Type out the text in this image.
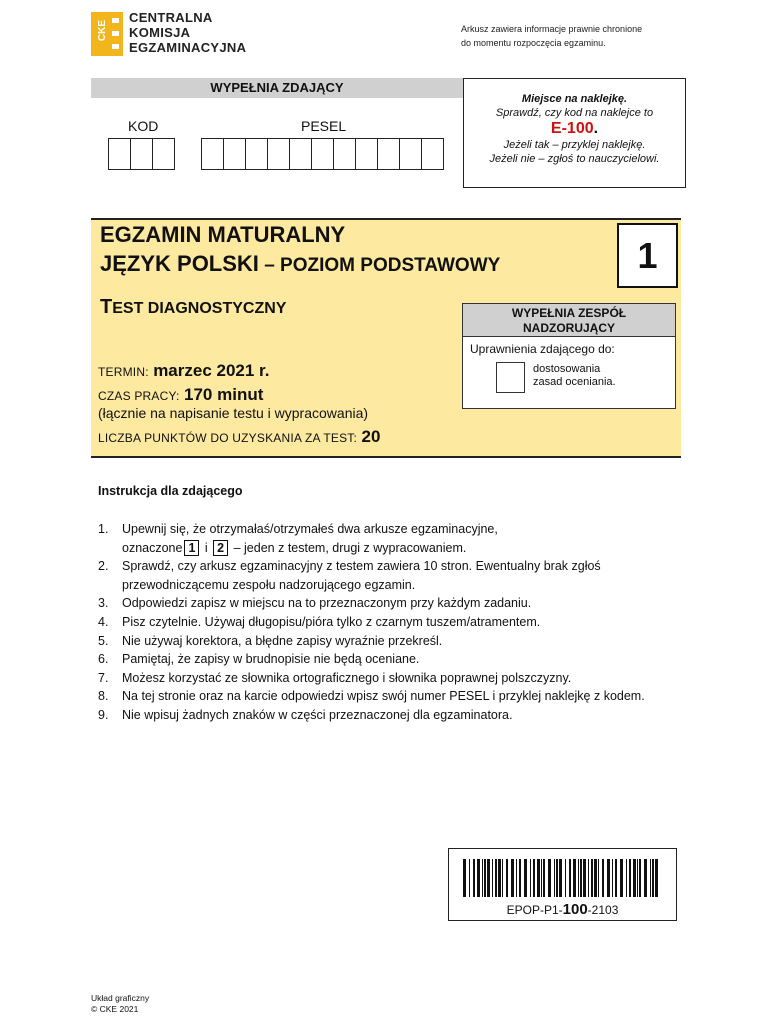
CKE
CENTRALNA
KOMISJA
EGZAMINACYJNA
Arkusz zawiera informacje prawnie chronione
do momentu rozpoczęcia egzaminu.
WYPEŁNIA ZDAJĄCY
KOD	PESEL
Miejsce na naklejkę.
Sprawdź, czy kod na naklejce to
E-100.
Jeżeli tak – przyklej naklejkę.
Jeżeli nie – zgłoś to nauczycielowi.
EGZAMIN MATURALNY
JĘZYK POLSKI – POZIOM PODSTAWOWY	1
TEST DIAGNOSTYCZNY	WYPEŁNIA ZESPÓŁ
NADZORUJĄCY
Uprawnienia zdającego do:
dostosowania
zasad oceniania.
TERMIN: marzec 2021 r.
CZAS PRACY: 170 minut
(łącznie na napisanie testu i wypracowania)
LICZBA PUNKTÓW DO UZYSKANIA ZA TEST: 20
Instrukcja dla zdającego
1.	Upewnij się, że otrzymałaś/otrzymałeś dwa arkusze egzaminacyjne,
oznaczone 1 i 2 – jeden z testem, drugi z wypracowaniem.
2.	Sprawdź, czy arkusz egzaminacyjny z testem zawiera 10 stron. Ewentualny brak zgłoś przewodniczącemu zespołu nadzorującego egzamin.
3.	Odpowiedzi zapisz w miejscu na to przeznaczonym przy każdym zadaniu.
4.	Pisz czytelnie. Używaj długopisu/pióra tylko z czarnym tuszem/atramentem.
5.	Nie używaj korektora, a błędne zapisy wyraźnie przekreśl.
6.	Pamiętaj, że zapisy w brudnopisie nie będą oceniane.
7.	Możesz korzystać ze słownika ortograficznego i słownika poprawnej polszczyzny.
8.	Na tej stronie oraz na karcie odpowiedzi wpisz swój numer PESEL i przyklej naklejkę z kodem.
9.	Nie wpisuj żadnych znaków w części przeznaczonej dla egzaminatora.
EPOP-P1-100-2103
Układ graficzny
© CKE 2021
